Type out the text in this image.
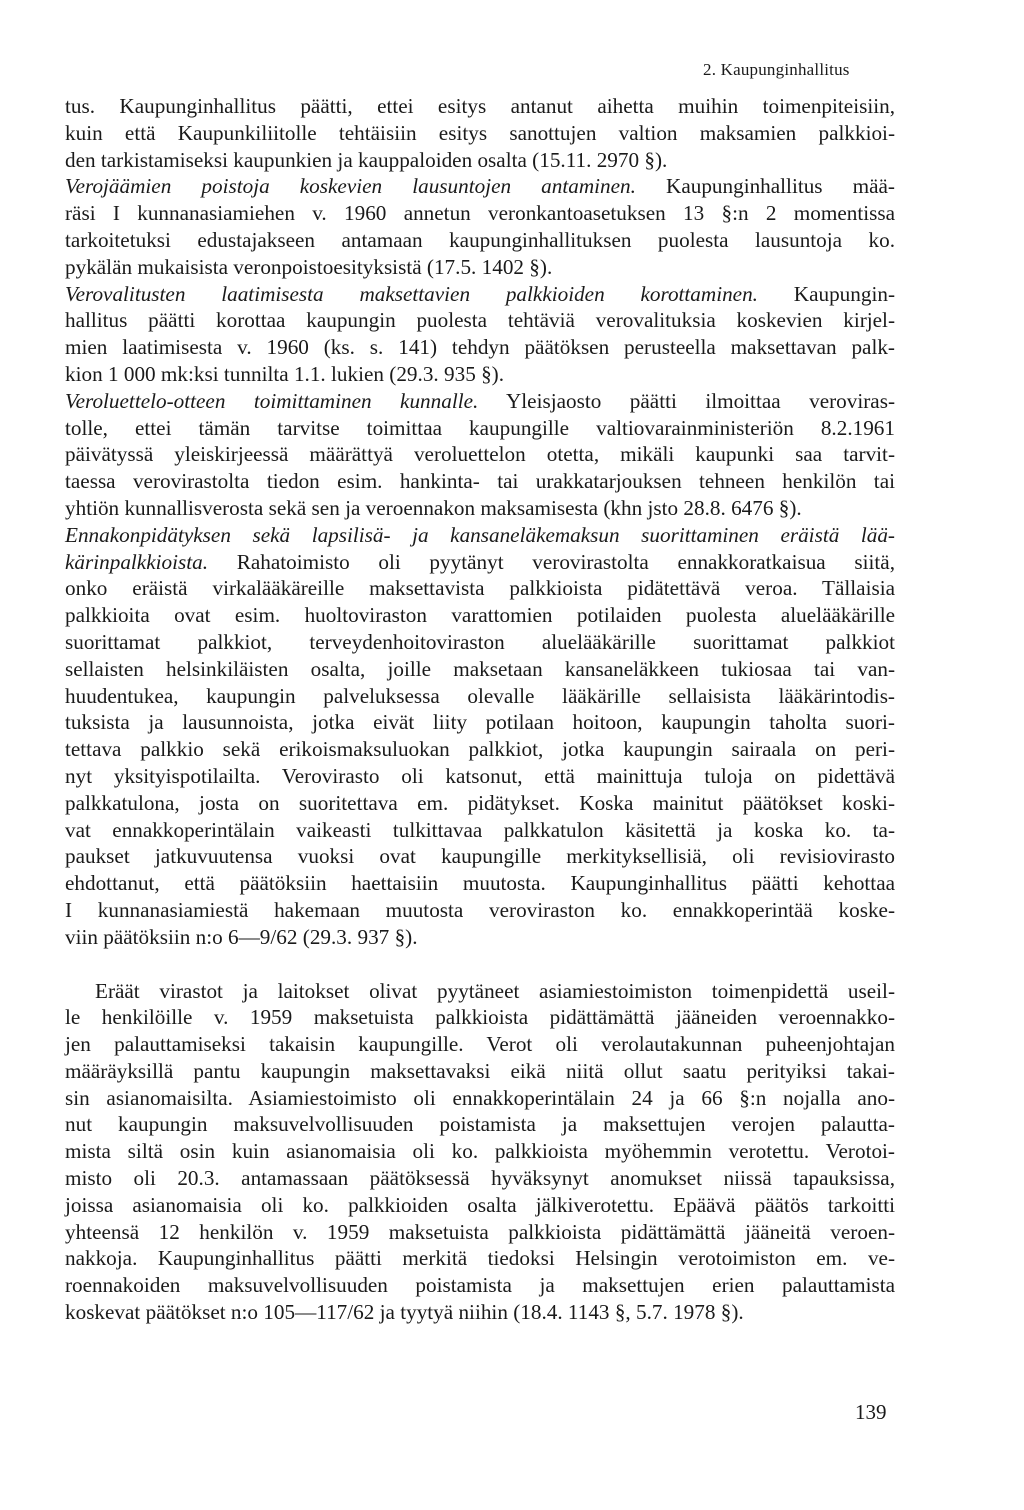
2. Kaupunginhallitus
tus. Kaupunginhallitus päätti, ettei esitys antanut aihetta muihin toimenpiteisiin,
kuin että Kaupunkiliitolle tehtäisiin esitys sanottujen valtion maksamien palkkioi-
den tarkistamiseksi kaupunkien ja kauppaloiden osalta (15.11. 2970 §).
Verojäämien poistoja koskevien lausuntojen antaminen. Kaupunginhallitus mää-
räsi I kunnanasiamiehen v. 1960 annetun veronkantoasetuksen 13 §:n 2 momentissa
tarkoitetuksi edustajakseen antamaan kaupunginhallituksen puolesta lausuntoja ko.
pykälän mukaisista veronpoistoesityksistä (17.5. 1402 §).
Verovalitusten laatimisesta maksettavien palkkioiden korottaminen. Kaupungin-
hallitus päätti korottaa kaupungin puolesta tehtäviä verovalituksia koskevien kirjel-
mien laatimisesta v. 1960 (ks. s. 141) tehdyn päätöksen perusteella maksettavan palk-
kion 1 000 mk:ksi tunnilta 1.1. lukien (29.3. 935 §).
Veroluettelo-otteen toimittaminen kunnalle. Yleisjaosto päätti ilmoittaa veroviras-
tolle, ettei tämän tarvitse toimittaa kaupungille valtiovarainministeriön 8.2.1961
päivätyssä yleiskirjeessä määrättyä veroluettelon otetta, mikäli kaupunki saa tarvit-
taessa verovirastolta tiedon esim. hankinta- tai urakkatarjouksen tehneen henkilön tai
yhtiön kunnallisverosta sekä sen ja veroennakon maksamisesta (khn jsto 28.8. 6476 §).
Ennakonpidätyksen sekä lapsilisä- ja kansaneläkemaksun suorittaminen eräistä lää-
kärinpalkkioista. Rahatoimisto oli pyytänyt verovirastolta ennakkoratkaisua siitä,
onko eräistä virkalääkäreille maksettavista palkkioista pidätettävä veroa. Tällaisia
palkkioita ovat esim. huoltoviraston varattomien potilaiden puolesta aluelääkärille
suorittamat palkkiot, terveydenhoitoviraston aluelääkärille suorittamat palkkiot
sellaisten helsinkiläisten osalta, joille maksetaan kansaneläkkeen tukiosaa tai van-
huudentukea, kaupungin palveluksessa olevalle lääkärille sellaisista lääkärintodis-
tuksista ja lausunnoista, jotka eivät liity potilaan hoitoon, kaupungin taholta suori-
tettava palkkio sekä erikoismaksuluokan palkkiot, jotka kaupungin sairaala on peri-
nyt yksityispotilailta. Verovirasto oli katsonut, että mainittuja tuloja on pidettävä
palkkatulona, josta on suoritettava em. pidätykset. Koska mainitut päätökset koski-
vat ennakkoperintälain vaikeasti tulkittavaa palkkatulon käsitettä ja koska ko. ta-
paukset jatkuvuutensa vuoksi ovat kaupungille merkityksellisiä, oli revisiovirasto
ehdottanut, että päätöksiin haettaisiin muutosta. Kaupunginhallitus päätti kehottaa
I kunnanasiamiestä hakemaan muutosta veroviraston ko. ennakkoperintää koske-
viin päätöksiin n:o 6—9/62 (29.3. 937 §).
Eräät virastot ja laitokset olivat pyytäneet asiamiestoimiston toimenpidettä useil-
le henkilöille v. 1959 maksetuista palkkioista pidättämättä jääneiden veroennakko-
jen palauttamiseksi takaisin kaupungille. Verot oli verolautakunnan puheenjohtajan
määräyksillä pantu kaupungin maksettavaksi eikä niitä ollut saatu perityiksi takai-
sin asianomaisilta. Asiamiestoimisto oli ennakkoperintälain 24 ja 66 §:n nojalla ano-
nut kaupungin maksuvelvollisuuden poistamista ja maksettujen verojen palautta-
mista siltä osin kuin asianomaisia oli ko. palkkioista myöhemmin verotettu. Verotoi-
misto oli 20.3. antamassaan päätöksessä hyväksynyt anomukset niissä tapauksissa,
joissa asianomaisia oli ko. palkkioiden osalta jälkiverotettu. Epäävä päätös tarkoitti
yhteensä 12 henkilön v. 1959 maksetuista palkkioista pidättämättä jääneitä veroen-
nakkoja. Kaupunginhallitus päätti merkitä tiedoksi Helsingin verotoimiston em. ve-
roennakoiden maksuvelvollisuuden poistamista ja maksettujen erien palauttamista
koskevat päätökset n:o 105—117/62 ja tyytyä niihin (18.4. 1143 §, 5.7. 1978 §).
139
